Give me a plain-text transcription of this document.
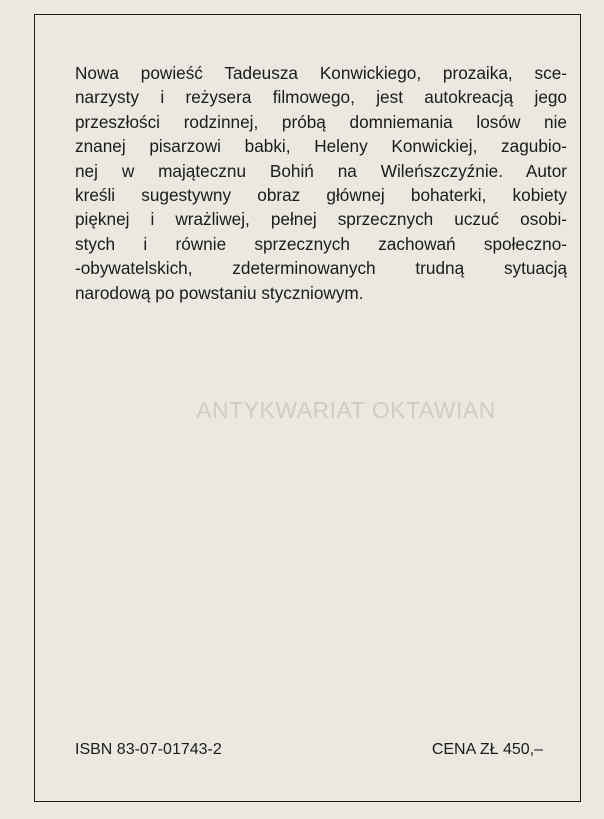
Nowa powieść Tadeusza Konwickiego, prozaika, sce-
narzysty i reżysera filmowego, jest autokreacją jego
przeszłości rodzinnej, próbą domniemania losów nie
znanej pisarzowi babki, Heleny Konwickiej, zagubio-
nej w majątecznu Bohiń na Wileńszczyźnie. Autor
kreśli sugestywny obraz głównej bohaterki, kobiety
pięknej i wrażliwej, pełnej sprzecznych uczuć osobi-
stych i równie sprzecznych zachowań społeczno-
-obywatelskich, zdeterminowanych trudną sytuacją
narodową po powstaniu styczniowym.

ANTYKWARIAT OKTAWIAN
ISBN 83-07-01743-2	CENA ZŁ 450,–
